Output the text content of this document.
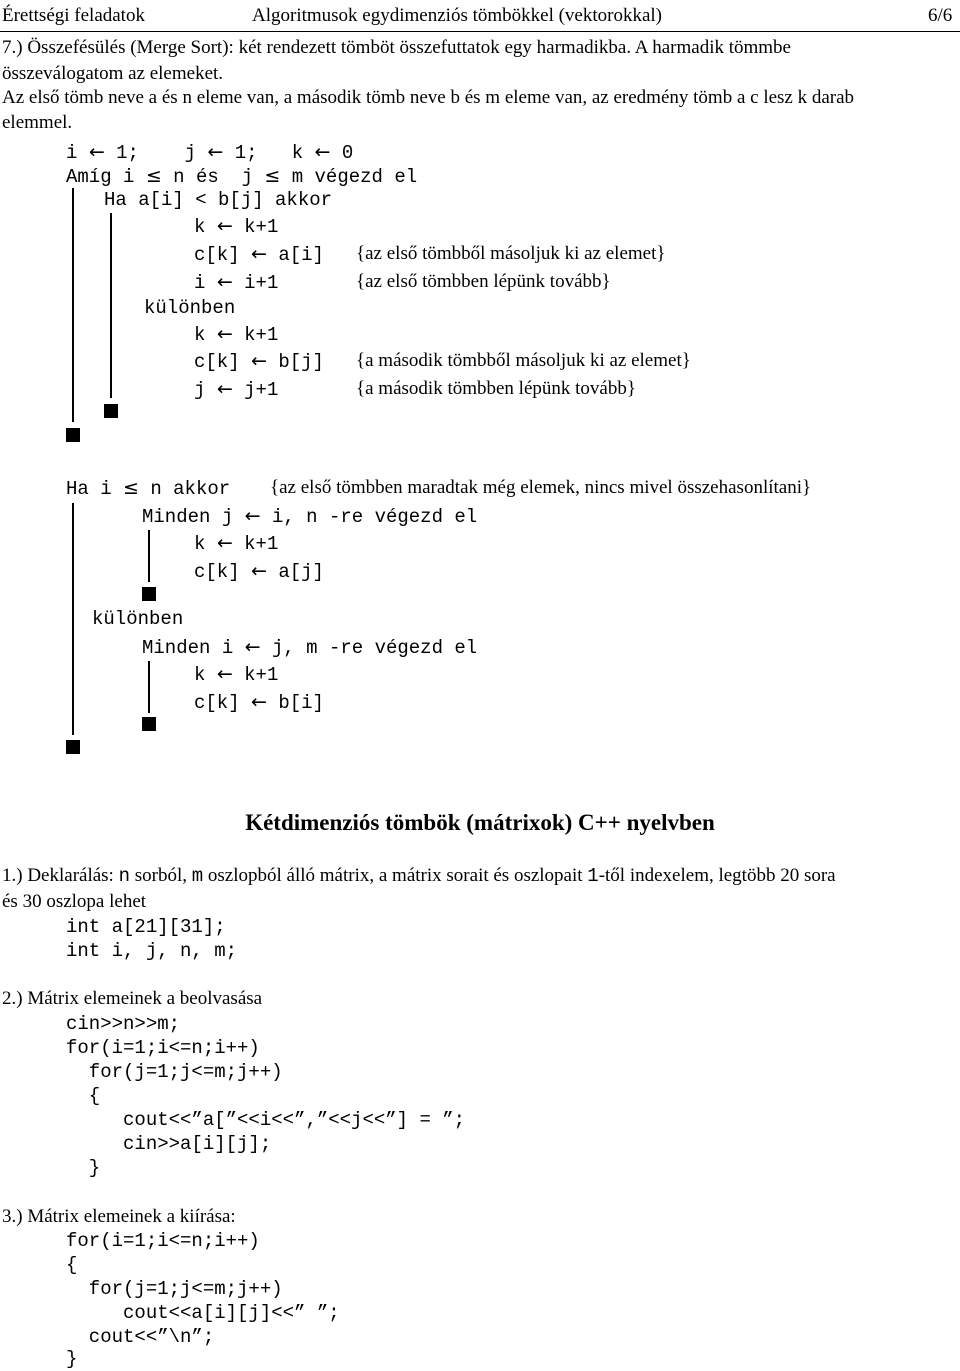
Érettségi feladatok	Algoritmusok egydimenziós tömbökkel (vektorokkal)	6/6
7.) Összefésülés (Merge Sort): két rendezett tömböt összefuttatok egy harmadikba. A harmadik tömmbe
összeválogatom az elemeket.
Az első tömb neve a és n eleme van, a második tömb neve b és m eleme van, az eredmény tömb a c lesz k darab
elemmel.
i ← 1; j ← 1; k ← 0
Amíg i ≤ n és  j ≤ m végezd el
Ha a[i] < b[j] akkor
k ← k+1
c[k] ← a[i] {az első tömbből másoljuk ki az elemet}
i ← i+1	{az első tömbben lépünk tovább}
különben
k ← k+1
c[k] ← b[j] {a második tömbből másoljuk ki az elemet}
j ← j+1	{a második tömbben lépünk tovább}
Ha i ≤ n akkor {az első tömbben maradtak még elemek, nincs mivel összehasonlítani}
Minden j ← i, n -re végezd el
k ← k+1
c[k] ← a[j]
különben
Minden i ← j, m -re végezd el
k ← k+1
c[k] ← b[i]
Kétdimenziós tömbök (mátrixok) C++ nyelvben
1.) Deklarálás: n sorból, m oszlopból álló mátrix, a mátrix sorait és oszlopait 1-től indexelem, legtöbb 20 sora
és 30 oszlopa lehet
int a[21][31];
int i, j, n, m;
2.) Mátrix elemeinek a beolvasása
cin>>n>>m;
for(i=1;i<=n;i++)
for(j=1;j<=m;j++)
{
cout<<”a[”<<i<<”,”<<j<<”] = ”;
cin>>a[i][j];
}
3.) Mátrix elemeinek a kiírása:
for(i=1;i<=n;i++)
{
for(j=1;j<=m;j++)
cout<<a[i][j]<<” ”;
cout<<”\n”;
}
